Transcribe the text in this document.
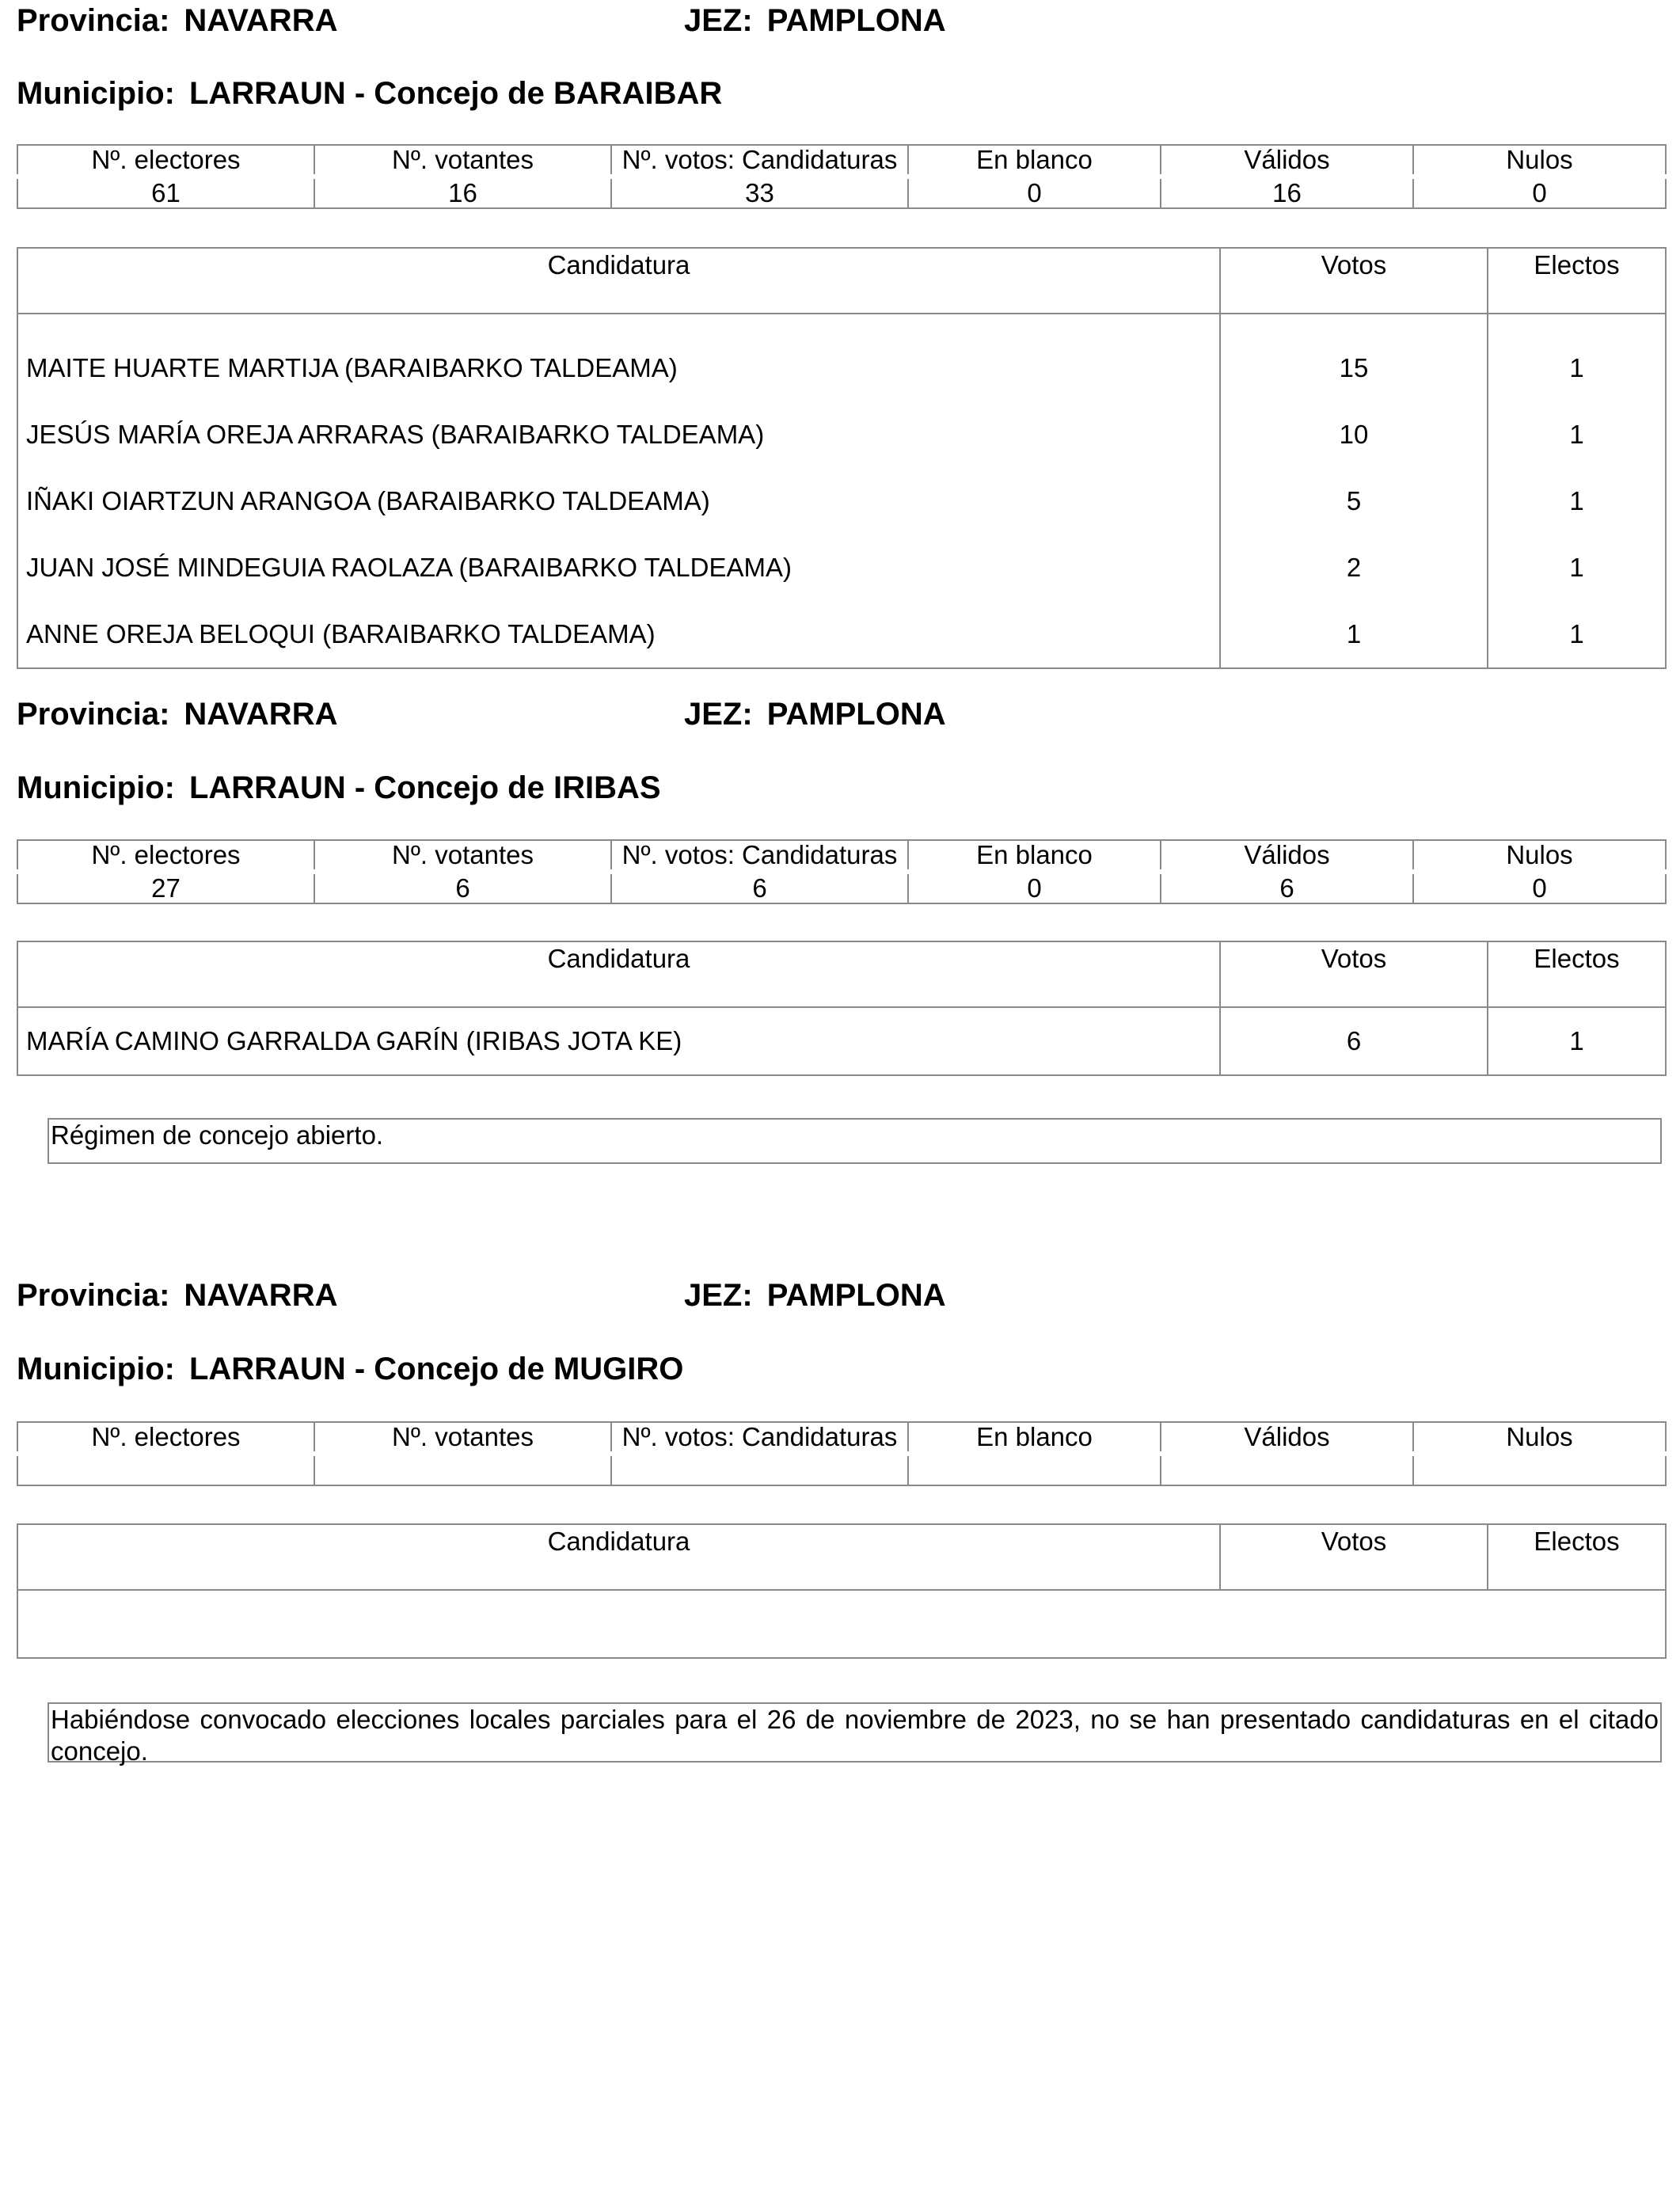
Provincia: NAVARRA	JEZ: PAMPLONA
Municipio: LARRAUN - Concejo de BARAIBAR
Nº. electores	Nº. votantes	Nº. votos: Candidaturas	En blanco	Válidos	Nulos
61	16	33	0	16	0
Candidatura	Votos	Electos
MAITE HUARTE MARTIJA (BARAIBARKO TALDEAMA)	15	1
JESÚS MARÍA OREJA ARRARAS (BARAIBARKO TALDEAMA)	10	1
IÑAKI OIARTZUN ARANGOA (BARAIBARKO TALDEAMA)	5	1
JUAN JOSÉ MINDEGUIA RAOLAZA (BARAIBARKO TALDEAMA)	2	1
ANNE OREJA BELOQUI (BARAIBARKO TALDEAMA)	1	1
Provincia: NAVARRA	JEZ: PAMPLONA
Municipio: LARRAUN - Concejo de IRIBAS
Nº. electores	Nº. votantes	Nº. votos: Candidaturas	En blanco	Válidos	Nulos
27	6	6	0	6	0
Candidatura	Votos	Electos
MARÍA CAMINO GARRALDA GARÍN (IRIBAS JOTA KE)	6	1
Régimen de concejo abierto.
Provincia: NAVARRA	JEZ: PAMPLONA
Municipio: LARRAUN - Concejo de MUGIRO
Nº. electores	Nº. votantes	Nº. votos: Candidaturas	En blanco	Válidos	Nulos

Candidatura	Votos	Electos

Habiéndose convocado elecciones locales parciales para el 26 de noviembre de 2023, no se han presentado candidaturas en el citado concejo.
